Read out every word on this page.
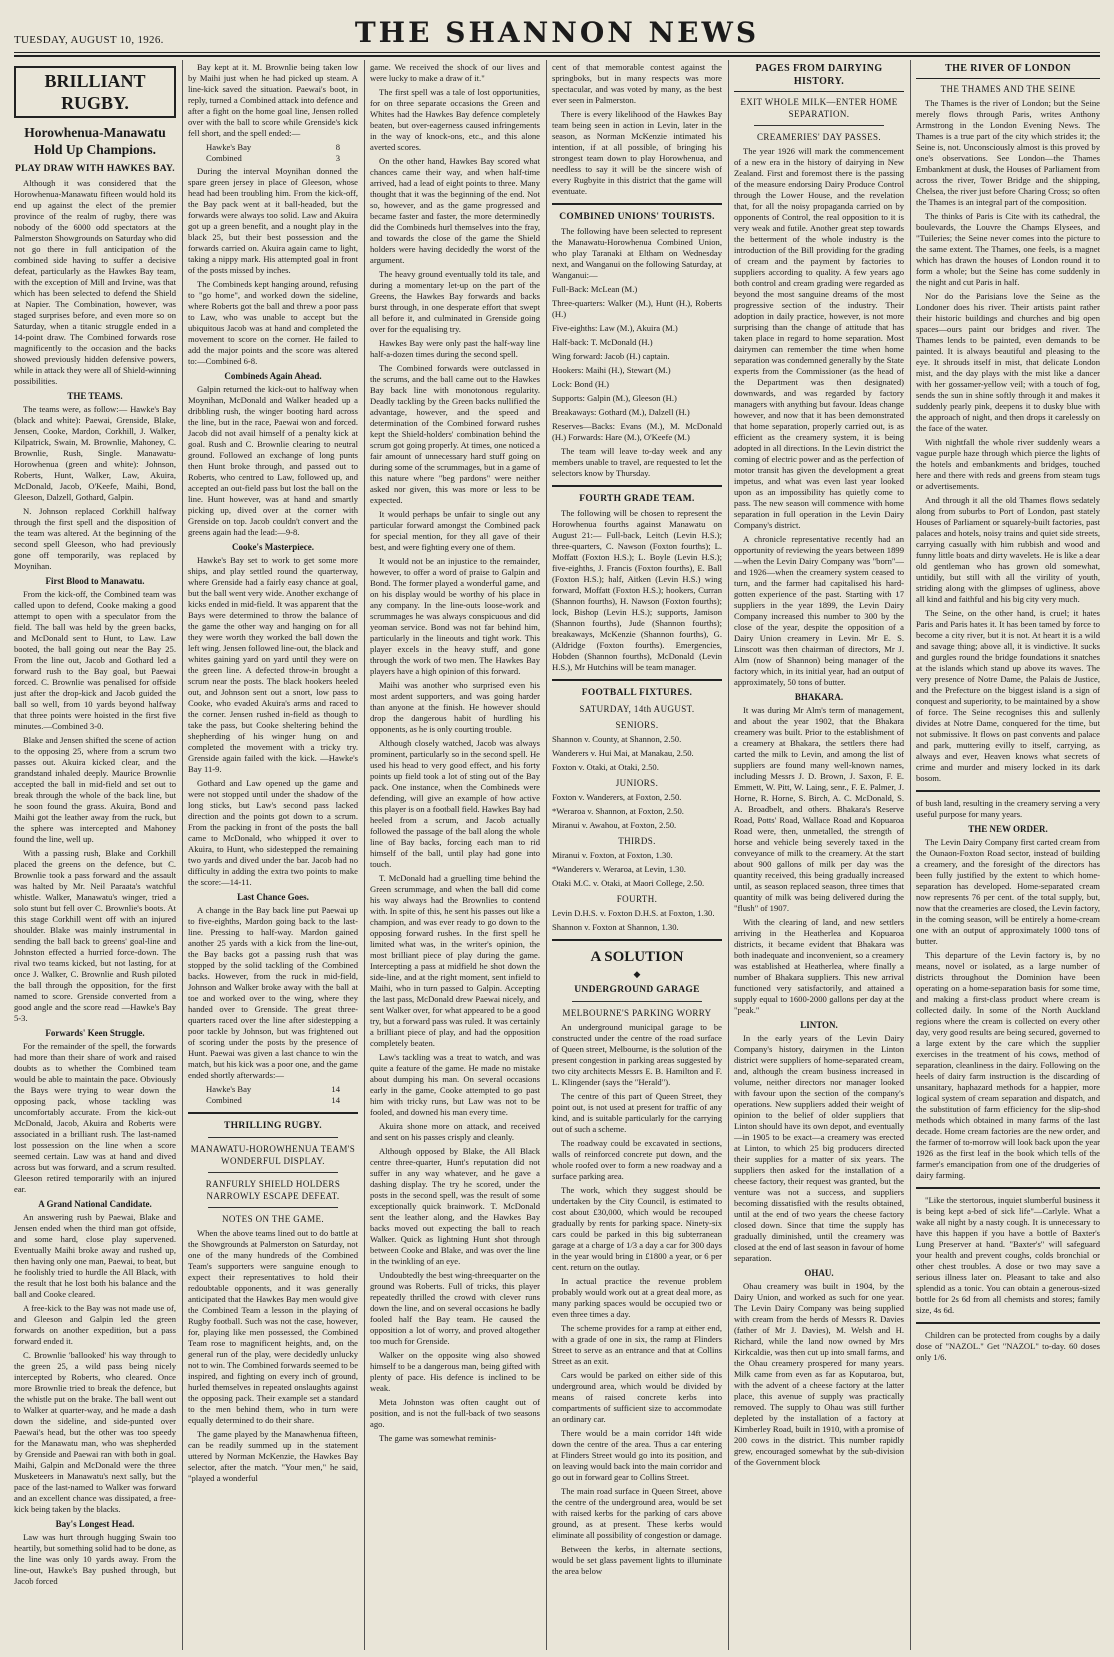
TUESDAY, AUGUST 10, 1926.	THE SHANNON NEWS
BRILLIANT RUGBY.
Horowhenua-Manawatu Hold Up Champions.
PLAY DRAW WITH HAWKES BAY.

Although it was considered that the Horowhenua-Manawatu fifteen would hold its end up against the elect of the premier province of the realm of rugby, there was nobody of the 6000 odd spectators at the Palmerston Showgrounds on Saturday who did not go there in full anticipation of the combined side having to suffer a decisive defeat, particularly as the Hawkes Bay team, with the exception of Mill and Irvine, was that which has been selected to defend the Shield at Napier. The Combination, however, was staged surprises before, and even more so on Saturday, when a titanic struggle ended in a 14-point draw. The Combined forwards rose magnificently to the occasion and the backs showed previously hidden defensive powers, while in attack they were all of Shield-winning possibilities.

THE TEAMS.

The teams were, as follow:— Hawke's Bay (black and white): Paewai, Grenside, Blake, Jensen, Cooke, Mardon, Corkhill, J. Walker, Kilpatrick, Swain, M. Brownlie, Mahoney, C. Brownlie, Rush, Single. Manawatu-Horowhenua (green and white): Johnson, Roberts, Hunt, Walker, Law, Akuira, McDonald, Jacob, O'Keefe, Maihi, Bond, Gleeson, Dalzell, Gothard, Galpin.

N. Johnson replaced Corkhill halfway through the first spell and the disposition of the team was altered. At the beginning of the second spell Gleeson, who had previously gone off temporarily, was replaced by Moynihan.

First Blood to Manawatu.

From the kick-off, the Combined team was called upon to defend, Cooke making a good attempt to open with a speculator from the field. The ball was held by the green backs, and McDonald sent to Hunt, to Law. Law booted, the ball going out near the Bay 25. From the line out, Jacob and Gothard led a forward rush to the Bay goal, but Paewai forced. C. Brownlie was penalised for offside just after the drop-kick and Jacob guided the ball so well, from 10 yards beyond halfway that three points were hoisted in the first five minutes.—Combined 3-0.

Blake and Jensen shifted the scene of action to the opposing 25, where from a scrum two passes out. Akuira kicked clear, and the grandstand inhaled deeply. Maurice Brownlie accepted the ball in mid-field and set out to break through the whole of the back line, but he soon found the grass. Akuira, Bond and Maihi got the leather away from the ruck, but the sphere was intercepted and Mahoney found the line, well up.

With a passing rush, Blake and Corkhill placed the greens on the defence, but C. Brownlie took a pass forward and the assault was halted by Mr. Neil Paraata's watchful whistle. Walker, Manawatu's winger, tried a solo stunt but fell over C. Brownlie's boots. At this stage Corkhill went off with an injured shoulder. Blake was mainly instrumental in sending the ball back to greens' goal-line and Johnston effected a hurried force-down. The rival two teams kicked, but not lasting, for at once J. Walker, C. Brownlie and Rush piloted the ball through the opposition, for the first named to score. Grenside converted from a good angle and the score read —Hawke's Bay 5-3.

Forwards' Keen Struggle.

For the remainder of the spell, the forwards had more than their share of work and raised doubts as to whether the Combined team would be able to maintain the pace. Obviously the Bays were trying to wear down the opposing pack, whose tackling was uncomfortably accurate. From the kick-out McDonald, Jacob, Akuira and Roberts were associated in a brilliant rush. The last-named lost possession on the line when a score seemed certain. Law was at hand and dived across but was forward, and a scrum resulted. Gleeson retired temporarily with an injured ear.

A Grand National Candidate.

An answering rush by Paewai, Blake and Jensen ended when the third man got offside, and some hard, close play supervened. Eventually Maihi broke away and rushed up, then having only one man, Paewai, to beat, but he foolishly tried to hurdle the All Black, with the result that he lost both his balance and the ball and Cooke cleared.

A free-kick to the Bay was not made use of, and Gleeson and Galpin led the green forwards on another expedition, but a pass forward ended it.

C. Brownlie 'ballooked' his way through to the green 25, a wild pass being nicely intercepted by Roberts, who cleared. Once more Brownlie tried to break the defence, but the whistle put on the brake. The ball went out to Walker at quarter-way, and he made a dash down the sideline, and side-punted over Paewai's head, but the other was too speedy for the Manawatu man, who was shepherded by Grenside and Paewai ran with both in goal. Maihi, Galpin and McDonald were the three Musketeers in Manawatu's next sally, but the pace of the last-named to Walker was forward and an excellent chance was dissipated, a free-kick being taken by the blacks.

Bay's Longest Head.

Law was hurt through hugging Swain too heartily, but something solid had to be done, as the line was only 10 yards away. From the line-out, Hawke's Bay pushed through, but Jacob forced

Bay kept at it. M. Brownlie being taken low by Maihi just when he had picked up steam. A line-kick saved the situation. Paewai's boot, in reply, turned a Combined attack into defence and after a fight on the home goal line, Jensen rolled over with the ball to score while Grenside's kick fell short, and the spell ended:—

Hawke's Bay	8
Combined	3

During the interval Moynihan donned the spare green jersey in place of Gleeson, whose head had been troubling him. From the kick-off, the Bay pack went at it ball-headed, but the forwards were always too solid. Law and Akuira got up a green benefit, and a nought play in the black 25, but their best possession and the forwards carried on. Akuira again came to light, taking a nippy mark. His attempted goal in front of the posts missed by inches.

The Combineds kept hanging around, refusing to "go home", and worked down the sideline, where Roberts got the ball and threw a poor pass to Law, who was unable to accept but the ubiquitous Jacob was at hand and completed the movement to score on the corner. He failed to add the major points and the score was altered to:—Combined 6-8.

Combineds Again Ahead.

Galpin returned the kick-out to halfway when Moynihan, McDonald and Walker headed up a dribbling rush, the winger booting hard across the line, but in the race, Paewai won and forced. Jacob did not avail himself of a penalty kick at goal. Rush and C. Brownlie clearing to neutral ground. Followed an exchange of long punts then Hunt broke through, and passed out to Roberts, who centred to Law, followed up, and accepted an out-field pass but lost the ball on the line. Hunt however, was at hand and smartly picking up, dived over at the corner with Grenside on top. Jacob couldn't convert and the greens again had the lead:—9-8.

Cooke's Masterpiece.

Hawke's Bay set to work to get some more ships, and play settled round the quarterway, where Grenside had a fairly easy chance at goal, but the ball went very wide. Another exchange of kicks ended in mid-field. It was apparent that the Bays were determined to throw the balance of the game the other way and hanging on for all they were worth they worked the ball down the left wing. Jensen followed line-out, the black and whites gaining yard on yard until they were on the green line. A defected throw-in brought a scrum near the posts. The black hookers heeled out, and Johnson sent out a snort, low pass to Cooke, who evaded Akuira's arms and raced to the corner. Jensen rushed in-field as though to take the pass, but Cooke sheltering behind the shepherding of his winger hung on and completed the movement with a tricky try. Grenside again failed with the kick. —Hawke's Bay 11-9.

Gothard and Law opened up the game and were not stopped until under the shadow of the long sticks, but Law's second pass lacked direction and the points got down to a scrum. From the packing in front of the posts the ball came to McDonald, who whipped it over to Akuira, to Hunt, who sidestepped the remaining two yards and dived under the bar. Jacob had no difficulty in adding the extra two points to make the score:—14-11.

Last Chance Goes.

A change in the Bay back line put Paewai up to five-eighths, Mardon going back to the last-line. Pressing to half-way. Mardon gained another 25 yards with a kick from the line-out, the Bay backs got a passing rush that was stopped by the solid tackling of the Combined backs. However, from the ruck in mid-field, Johnson and Walker broke away with the ball at toe and worked over to the wing, where they handed over to Grenside. The great three-quarters raced over the line after sidestepping a poor tackle by Johnson, but was frightened out of scoring under the posts by the presence of Hunt. Paewai was given a last chance to win the match, but his kick was a poor one, and the game ended shortly afterwards:—

Hawke's Bay	14
Combined	14
THRILLING RUGBY.
MANAWATU-HOROWHENUA TEAM'S WONDERFUL DISPLAY.
RANFURLY SHIELD HOLDERS NARROWLY ESCAPE DEFEAT.
NOTES ON THE GAME.

When the above teams lined out to do battle at the Showgrounds at Palmerston on Saturday, not one of the many hundreds of the Combined Team's supporters were sanguine enough to expect their representatives to hold their redoubtable opponents, and it was generally anticipated that the Hawkes Bay men would give the Combined Team a lesson in the playing of Rugby football. Such was not the case, however, for, playing like men possessed, the Combined Team rose to magnificent heights, and, on the general run of the play, were decidedly unlucky not to win. The Combined forwards seemed to be inspired, and fighting on every inch of ground, hurled themselves in repeated onslaughts against the opposing pack. Their example set a standard to the men behind them, who in turn were equally determined to do their share.

The game played by the Manawhenua fifteen, can be readily summed up in the statement uttered by Norman McKenzie, the Hawkes Bay selector, after the match. "Your men," he said, "played a wonderful

game. We received the shock of our lives and were lucky to make a draw of it."

The first spell was a tale of lost opportunities, for on three separate occasions the Green and Whites had the Hawkes Bay defence completely beaten, but over-eagerness caused infringements in the way of knock-ons, etc., and this alone averted scores.

On the other hand, Hawkes Bay scored what chances came their way, and when half-time arrived, had a lead of eight points to three. Many thought that it was the beginning of the end. Not so, however, and as the game progressed and became faster and faster, the more determinedly did the Combineds hurl themselves into the fray, and towards the close of the game the Shield holders were having decidedly the worst of the argument.

The heavy ground eventually told its tale, and during a momentary let-up on the part of the Greens, the Hawkes Bay forwards and backs burst through, in one desperate effort that swept all before it, and culminated in Grenside going over for the equalising try.

Hawkes Bay were only past the half-way line half-a-dozen times during the second spell.

The Combined forwards were outclassed in the scrums, and the ball came out to the Hawkes Bay back line with monotonous regularity. Deadly tackling by the Green backs nullified the advantage, however, and the speed and determination of the Combined forward rushes kept the Shield-holders' combination behind the scrum got going properly. At times, one noticed a fair amount of unnecessary hard stuff going on during some of the scrummages, but in a game of this nature where "beg pardons" were neither asked nor given, this was more or less to be expected.

It would perhaps be unfair to single out any particular forward amongst the Combined pack for special mention, for they all gave of their best, and were fighting every one of them.

It would not be an injustice to the remainder, however, to offer a word of praise to Galpin and Bond. The former played a wonderful game, and on his display would be worthy of his place in any company. In the line-outs loose-work and scrummages he was always conspicuous and did yeoman service. Bond was not far behind him, particularly in the lineouts and tight work. This player excels in the heavy stuff, and gone through the work of two men. The Hawkes Bay players have a high opinion of this forward.

Maihi was another who surprised even his most ardent supporters, and was going harder than anyone at the finish. He however should drop the dangerous habit of hurdling his opponents, as he is only courting trouble.

Although closely watched, Jacob was always prominent, particularly so in the second spell. He used his head to very good effect, and his forty points up field took a lot of sting out of the Bay pack. One instance, when the Combineds were defending, will give an example of how active this player is on a football field. Hawkes Bay had heeled from a scrum, and Jacob actually followed the passage of the ball along the whole line of Bay backs, forcing each man to rid himself of the ball, until play had gone into touch.

T. McDonald had a gruelling time behind the Green scrummage, and when the ball did come his way always had the Brownlies to contend with. In spite of this, he sent his passes out like a champion, and was ever ready to go down to the opposing forward rushes. In the first spell he limited what was, in the writer's opinion, the most brilliant piece of play during the game. Intercepting a pass at midfield he shot down the side-line, and at the right moment, sent infield to Maihi, who in turn passed to Galpin. Accepting the last pass, McDonald drew Paewai nicely, and sent Walker over, for what appeared to be a good try, but a forward pass was ruled. It was certainly a brilliant piece of play, and had the opposition completely beaten.

Law's tackling was a treat to watch, and was quite a feature of the game. He made no mistake about dumping his man. On several occasions early in the game, Cooke attempted to go past him with tricky runs, but Law was not to be fooled, and downed his man every time.

Akuira shone more on attack, and received and sent on his passes crisply and cleanly.

Although opposed by Blake, the All Black centre three-quarter, Hunt's reputation did not suffer in any way whatever, and he gave a dashing display. The try he scored, under the posts in the second spell, was the result of some exceptionally quick brainwork. T. McDonald sent the leather along, and the Hawkes Bay backs moved out expecting the ball to reach Walker. Quick as lightning Hunt shot through between Cooke and Blake, and was over the line in the twinkling of an eye.

Undoubtedly the best wing-threequarter on the ground was Roberts. Full of tricks, this player repeatedly thrilled the crowd with clever runs down the line, and on several occasions he badly fooled half the Bay team. He caused the opposition a lot of worry, and proved altogether too much for Grenside.

Walker on the opposite wing also showed himself to be a dangerous man, being gifted with plenty of pace. His defence is inclined to be weak.

Meta Johnston was often caught out of position, and is not the full-back of two seasons ago.

The game was somewhat reminis-

cent of that memorable contest against the springboks, but in many respects was more spectacular, and was voted by many, as the best ever seen in Palmerston.

There is every likelihood of the Hawkes Bay team being seen in action in Levin, later in the season, as Norman McKenzie intimated his intention, if at all possible, of bringing his strongest team down to play Horowhenua, and needless to say it will be the sincere wish of every Rugbyite in this district that the game will eventuate.

COMBINED UNIONS' TOURISTS.

The following have been selected to represent the Manawatu-Horowhenua Combined Union, who play Taranaki at Eltham on Wednesday next, and Wanganui on the following Saturday, at Wanganui:—

Full-Back: McLean (M.)

Three-quarters: Walker (M.), Hunt (H.), Roberts (H.)

Five-eighths: Law (M.), Akuira (M.)

Half-back: T. McDonald (H.)

Wing forward: Jacob (H.) captain.

Hookers: Maihi (H.), Stewart (M.)

Lock: Bond (H.)

Supports: Galpin (M.), Gleeson (H.)

Breakaways: Gothard (M.), Dalzell (H.)

Reserves—Backs: Evans (M.), M. McDonald (H.) Forwards: Hare (M.), O'Keefe (M.)

The team will leave to-day week and any members unable to travel, are requested to let the selectors know by Thursday.

FOURTH GRADE TEAM.

The following will be chosen to represent the Horowhenua fourths against Manawatu on August 21:— Full-back, Leitch (Levin H.S.); three-quarters, C. Nawson (Foxton fourths); L. Moffatt (Foxton H.S.); L. Boyle (Levin H.S.); five-eighths, J. Francis (Foxton fourths), E. Ball (Foxton H.S.); half, Aitken (Levin H.S.) wing forward, Moffatt (Foxton H.S.); hookers, Curran (Shannon fourths), H. Nawson (Foxton fourths); lock, Bishop (Levin H.S.); supports, Jamison (Shannon fourths), Jude (Shannon fourths); breakaways, McKenzie (Shannon fourths), G. (Aldridge (Foxton fourths). Emergencies, Hobden (Shannon fourths), McDonald (Levin H.S.), Mr Hutchins will be team manager.

FOOTBALL FIXTURES.
SATURDAY, 14th AUGUST.
SENIORS.

Shannon v. County, at Shannon, 2.50.

Wanderers v. Hui Mai, at Manakau, 2.50.

Foxton v. Otaki, at Otaki, 2.50.

JUNIORS.

Foxton v. Wanderers, at Foxton, 2.50.

*Weraroa v. Shannon, at Foxton, 2.50.

Miranui v. Awahou, at Foxton, 2.50.

THIRDS.

Miranui v. Foxton, at Foxton, 1.30.

*Wanderers v. Weraroa, at Levin, 1.30.

Otaki M.C. v. Otaki, at Maori College, 2.50.

FOURTH.

Levin D.H.S. v. Foxton D.H.S. at Foxton, 1.30.

Shannon v. Foxton at Shannon, 1.30.

A SOLUTION
◆
UNDERGROUND GARAGE
MELBOURNE'S PARKING WORRY

An underground municipal garage to be constructed under the centre of the road surface of Queen street, Melbourne, is the solution of the present congestion in parking areas suggested by two city architects Messrs E. B. Hamilton and F. L. Klingender (says the "Herald").

The centre of this part of Queen Street, they point out, is not used at present for traffic of any kind, and is suitable particularly for the carrying out of such a scheme.

The roadway could be excavated in sections, walls of reinforced concrete put down, and the whole roofed over to form a new roadway and a surface parking area.

The work, which they suggest should be undertaken by the City Council, is estimated to cost about £30,000, which would be recouped gradually by rents for parking space. Ninety-six cars could be parked in this big subterranean garage at a charge of 1/3 a day a car for 300 days in the year would bring in £1800 a year, or 6 per cent. return on the outlay.

In actual practice the revenue problem probably would work out at a great deal more, as many parking spaces would be occupied two or even three times a day.

The scheme provides for a ramp at either end, with a grade of one in six, the ramp at Flinders Street to serve as an entrance and that at Collins Street as an exit.

Cars would be parked on either side of this underground area, which would be divided by means of raised concrete kerbs into compartments of sufficient size to accommodate an ordinary car.

There would be a main corridor 14ft wide down the centre of the area. Thus a car entering at Flinders Street would go into its position, and on leaving would back into the main corridor and go out in forward gear to Collins Street.

The main road surface in Queen Street, above the centre of the underground area, would be set with raised kerbs for the parking of cars above ground, as at present. These kerbs would eliminate all possibility of congestion or damage.

Between the kerbs, in alternate sections, would be set glass pavement lights to illuminate the area below

PAGES FROM DAIRYING HISTORY.
EXIT WHOLE MILK—ENTER HOME SEPARATION.
CREAMERIES' DAY PASSES.

The year 1926 will mark the commencement of a new era in the history of dairying in New Zealand. First and foremost there is the passing of the measure endorsing Dairy Produce Control through the Lower House, and the revelation that, for all the noisy propaganda carried on by opponents of Control, the real opposition to it is very weak and futile. Another great step towards the betterment of the whole industry is the introduction of the Bill providing for the grading of cream and the payment by factories to suppliers according to quality. A few years ago both control and cream grading were regarded as beyond the most sanguine dreams of the most progressive section of the industry. Their adoption in daily practice, however, is not more surprising than the change of attitude that has taken place in regard to home separation. Most dairymen can remember the time when home separation was condemned generally by the State experts from the Commissioner (as the head of the Department was then designated) downwards, and was regarded by factory managers with anything but favour. Ideas change however, and now that it has been demonstrated that home separation, properly carried out, is as efficient as the creamery system, it is being adopted in all directions. In the Levin district the coming of electric power and as the perfection of motor transit has given the development a great impetus, and what was even last year looked upon as an impossibility has quietly come to pass. The new season will commence with home separation in full operation in the Levin Dairy Company's district.

A chronicle representative recently had an opportunity of reviewing the years between 1899—when the Levin Dairy Company was "born"—and 1926—when the creamery system ceased to turn, and the farmer had capitalised his hard-gotten experience of the past. Starting with 17 suppliers in the year 1899, the Levin Dairy Company increased this number to 300 by the close of the year, despite the opposition of a Dairy Union creamery in Levin. Mr E. S. Linscott was then chairman of directors, Mr J. Alm (now of Shannon) being manager of the factory which, in its initial year, had an output of approximately, 50 tons of butter.

BHAKARA.

It was during Mr Alm's term of management, and about the year 1902, that the Bhakara creamery was built. Prior to the establishment of a creamery at Bhakara, the settlers there had carted the milk to Levin, and among the list of suppliers are found many well-known names, including Messrs J. D. Brown, J. Saxon, F. E. Emmett, W. Pitt, W. Laing, senr., F. E. Palmer, J. Horne, R. Horne, S. Birch, A. C. McDonald, S. A. Broadbelt, and others. Bhakara's Reserve Road, Potts' Road, Wallace Road and Kopuaroa Road were, then, unmetalled, the strength of horse and vehicle being severely taxed in the conveyance of milk to the creamery. At the start about 900 gallons of milk per day was the quantity received, this being gradually increased until, as season replaced season, three times that quantity of milk was being delivered during the "flush" of 1907.

With the clearing of land, and new settlers arriving in the Heatherlea and Kopuaroa districts, it became evident that Bhakara was both inadequate and inconvenient, so a creamery was established at Heatherlea, where finally a number of Bhakara suppliers. This new arrival functioned very satisfactorily, and attained a supply equal to 1600-2000 gallons per day at the "peak."

LINTON.

In the early years of the Levin Dairy Company's history, dairymen in the Linton district were suppliers of home-separated cream, and, although the cream business increased in volume, neither directors nor manager looked with favour upon the section of the company's operations. New suppliers added their weight of opinion to the belief of older suppliers that Linton should have its own depot, and eventually—in 1905 to be exact—a creamery was erected at Linton, to which 25 big producers directed their supplies for a matter of six years. The suppliers then asked for the installation of a cheese factory, their request was granted, but the venture was not a success, and suppliers becoming dissatisfied with the results obtained, until at the end of two years the cheese factory closed down. Since that time the supply has gradually diminished, until the creamery was closed at the end of last season in favour of home separation.

OHAU.

Ohau creamery was built in 1904, by the Dairy Union, and worked as such for one year. The Levin Dairy Company was being supplied with cream from the herds of Messrs R. Davies (father of Mr J. Davies), M. Welsh and H. Richard, while the land now owned by Mrs Kirkcaldie, was then cut up into small farms, and the Ohau creamery prospered for many years. Milk came from even as far as Koputaroa, but, with the advent of a cheese factory at the latter place, this avenue of supply was practically removed. The supply to Ohau was still further depleted by the installation of a factory at Kimberley Road, built in 1910, with a promise of 200 cows in the district. This number rapidly grew, encouraged somewhat by the sub-division of the Government block

THE RIVER OF LONDON
THE THAMES AND THE SEINE

The Thames is the river of London; but the Seine merely flows through Paris, writes Anthony Armstrong in the London Evening News. The Thames is a true part of the city which strides it; the Seine is, not. Unconsciously almost is this proved by one's observations. See London—the Thames Embankment at dusk, the Houses of Parliament from across the river, Tower Bridge and the shipping, Chelsea, the river just before Charing Cross; so often the Thames is an integral part of the composition.

The thinks of Paris is Cite with its cathedral, the boulevards, the Louvre the Champs Elysees, and "Tuileries; the Seine never comes into the picture to the same extent. The Thames, one feels, is a magnet which has drawn the houses of London round it to form a whole; but the Seine has come suddenly in the night and cut Paris in half.

Nor do the Parisians love the Seine as the Londoner does his river. Their artists paint rather their historic buildings and churches and big open spaces—ours paint our bridges and river. The Thames lends to be painted, even demands to be painted. It is always beautiful and pleasing to the eye. It shrouds itself in mist, that delicate London mist, and the day plays with the mist like a dancer with her gossamer-yellow veil; with a touch of fog, sends the sun in shine softly through it and makes it suddenly pearly pink, deepens it to dusky blue with the approach of night, and then drops it carelessly on the face of the water.

With nightfall the whole river suddenly wears a vague purple haze through which pierce the lights of the hotels and embankments and bridges, touched here and there with reds and greens from steam tugs or advertisements.

And through it all the old Thames flows sedately along from suburbs to Port of London, past stately Houses of Parliament or squarely-built factories, past palaces and hotels, noisy trains and quiet side streets, carrying casually with him rubbish and wood and funny little boats and dirty wavelets. He is like a dear old gentleman who has grown old somewhat, untidily, but still with all the virility of youth, striding along with the glimpses of ugliness, above all kind and faithful and his big city very much.

The Seine, on the other hand, is cruel; it hates Paris and Paris hates it. It has been tamed by force to become a city river, but it is not. At heart it is a wild and savage thing; above all, it is vindictive. It sucks and gurgles round the bridge foundations it snatches at the islands which stand up above its waves. The very presence of Notre Dame, the Palais de Justice, and the Prefecture on the biggest island is a sign of conquest and superiority, to be maintained by a show of force. The Seine recognises this and sullenly divides at Notre Dame, conquered for the time, but not submissive. It flows on past convents and palace and park, muttering evilly to itself, carrying, as always and ever, Heaven knows what secrets of crime and murder and misery locked in its dark bosom.

of bush land, resulting in the creamery serving a very useful purpose for many years.

THE NEW ORDER.

The Levin Dairy Company first carted cream from the Ounaon-Foxton Road sector, instead of building a creamery, and the foresight of the directors has been fully justified by the extent to which home-separation has developed. Home-separated cream now represents 76 per cent. of the total supply, but, now that the creameries are closed, the Levin factory, in the coming season, will be entirely a home-cream one with an output of approximately 1000 tons of butter.

This departure of the Levin factory is, by no means, novel or isolated, as a large number of districts throughout the Dominion have been operating on a home-separation basis for some time, and making a first-class product where cream is collected daily. In some of the North Auckland regions where the cream is collected on every other day, very good results are being secured, governed to a large extent by the care which the supplier exercises in the treatment of his cows, method of separation, cleanliness in the dairy. Following on the heels of dairy farm instruction is the discarding of unsanitary, haphazard methods for a happier, more logical system of cream separation and dispatch, and the substitution of farm efficiency for the slip-shod methods which obtained in many farms of the last decade. Home cream factories are the new order, and the farmer of to-morrow will look back upon the year 1926 as the first leaf in the book which tells of the farmer's emancipation from one of the drudgeries of dairy farming.

"Like the stertorous, inquiet slumberful business it is being kept a-bed of sick life"—Carlyle. What a wake all night by a nasty cough. It is unnecessary to have this happen if you have a bottle of Baxter's Lung Preserver at hand. "Baxter's" will safeguard your health and prevent coughs, colds bronchial or other chest troubles. A dose or two may save a serious illness later on. Pleasant to take and also splendid as a tonic. You can obtain a generous-sized bottle for 2s 6d from all chemists and stores; family size, 4s 6d.

Children can be protected from coughs by a daily dose of "NAZOL." Get "NAZOL" to-day. 60 doses only 1/6.
